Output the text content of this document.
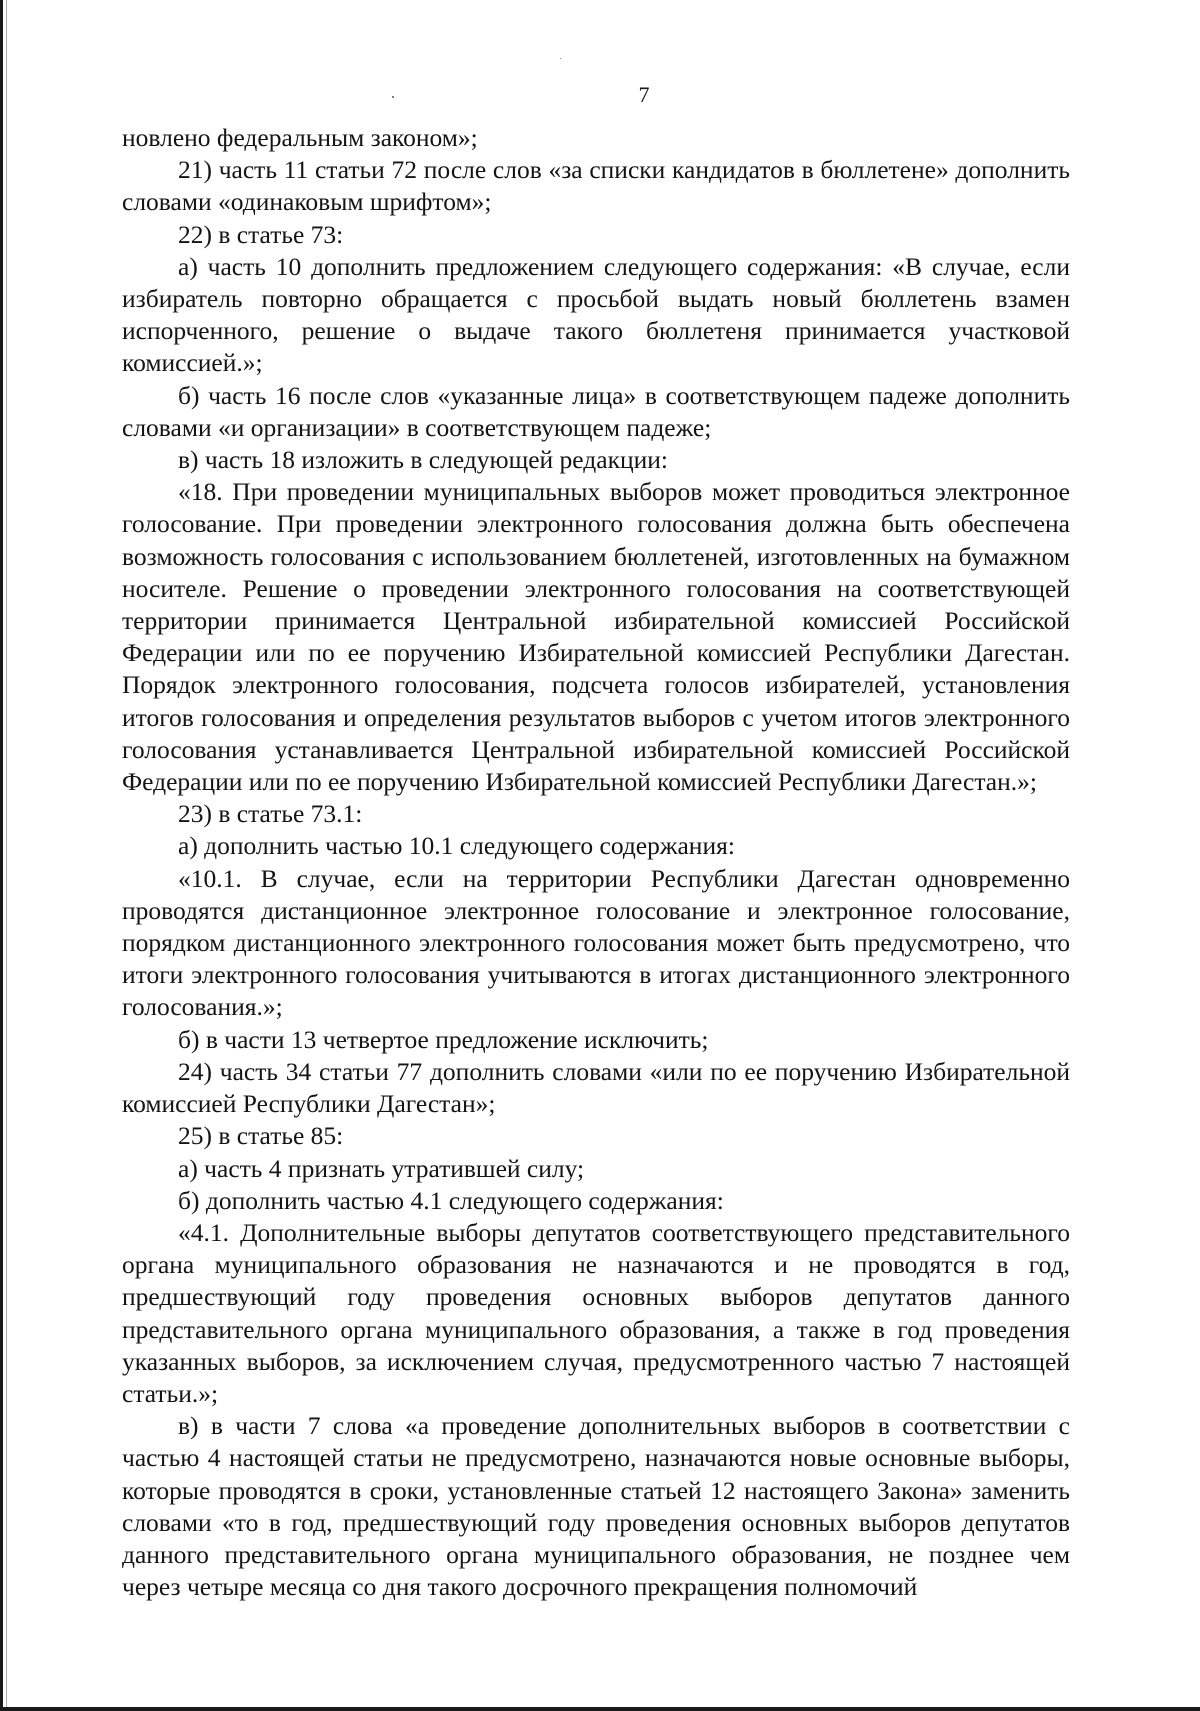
7

новлено федеральным законом»;

21) часть 11 статьи 72 после слов «за списки кандидатов в бюллетене» дополнить словами «одинаковым шрифтом»;

22) в статье 73:

а) часть 10 дополнить предложением следующего содержания: «В случае, если избиратель повторно обращается с просьбой выдать новый бюллетень взамен испорченного, решение о выдаче такого бюллетеня принимается участковой комиссией.»;

б) часть 16 после слов «указанные лица» в соответствующем падеже дополнить словами «и организации» в соответствующем падеже;

в) часть 18 изложить в следующей редакции:

«18. При проведении муниципальных выборов может проводиться электронное голосование. При проведении электронного голосования должна быть обеспечена возможность голосования с использованием бюллетеней, изготовленных на бумажном носителе. Решение о проведении электронного голосования на соответствующей территории принимается Центральной избирательной комиссией Российской Федерации или по ее поручению Избирательной комиссией Республики Дагестан. Порядок электронного голосования, подсчета голосов избирателей, установления итогов голосования и определения результатов выборов с учетом итогов электронного голосования устанавливается Центральной избирательной комиссией Российской Федерации или по ее поручению Избирательной комиссией Республики Дагестан.»;

23) в статье 73.1:

а) дополнить частью 10.1 следующего содержания:

«10.1. В случае, если на территории Республики Дагестан одновременно проводятся дистанционное электронное голосование и электронное голосование, порядком дистанционного электронного голосования может быть предусмотрено, что итоги электронного голосования учитываются в итогах дистанционного электронного голосования.»;

б) в части 13 четвертое предложение исключить;

24) часть 34 статьи 77 дополнить словами «или по ее поручению Избирательной комиссией Республики Дагестан»;

25) в статье 85:

а) часть 4 признать утратившей силу;

б) дополнить частью 4.1 следующего содержания:

«4.1. Дополнительные выборы депутатов соответствующего представительного органа муниципального образования не назначаются и не проводятся в год, предшествующий году проведения основных выборов депутатов данного представительного органа муниципального образования, а также в год проведения указанных выборов, за исключением случая, предусмотренного частью 7 настоящей статьи.»;

в) в части 7 слова «а проведение дополнительных выборов в соответствии с частью 4 настоящей статьи не предусмотрено, назначаются новые основные выборы, которые проводятся в сроки, установленные статьей 12 настоящего Закона» заменить словами «то в год, предшествующий году проведения основных выборов депутатов данного представительного органа муниципального образования, не позднее чем через четыре месяца со дня такого досрочного прекращения полномочий
